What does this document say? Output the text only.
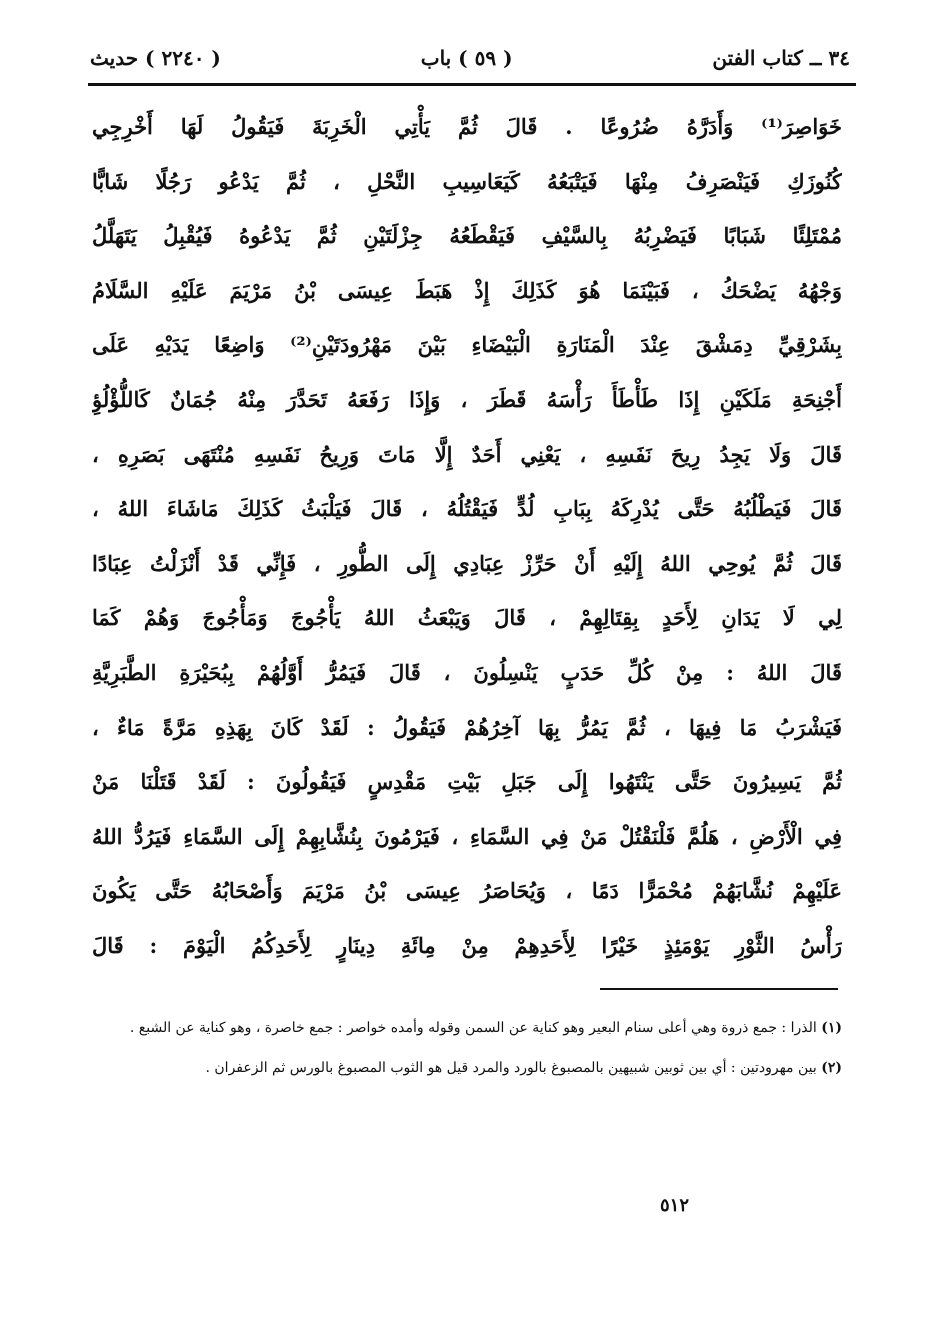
٣٤ ــ كتاب الفتن
( ٥٩ ) باب
( ٢٢٤٠ ) حديث
خَوَاصِرَ⁽¹⁾ وَأَدَرَّهُ ضُرُوعًا . قَالَ ثُمَّ يَأْتِي الْخَرِبَةَ فَيَقُولُ لَهَا أَخْرِجِي
كُنُوزَكِ فَيَنْصَرِفُ مِنْهَا فَيَتْبَعُهُ كَيَعَاسِيبِ النَّحْلِ ، ثُمَّ يَدْعُو رَجُلًا شَابًّا
مُمْتَلِئًا شَبَابًا فَيَضْرِبُهُ بِالسَّيْفِ فَيَقْطَعُهُ جِزْلَتَيْنِ ثُمَّ يَدْعُوهُ فَيُقْبِلُ يَتَهَلَّلُ
وَجْهُهُ يَضْحَكُ ، فَبَيْنَمَا هُوَ كَذَلِكَ إِذْ هَبَطَ عِيسَى بْنُ مَرْيَمَ عَلَيْهِ السَّلَامُ
بِشَرْقِيِّ دِمَشْقَ عِنْدَ الْمَنَارَةِ الْبَيْضَاءِ بَيْنَ مَهْرُودَتَيْنِ⁽²⁾ وَاضِعًا يَدَيْهِ عَلَى
أَجْنِحَةِ مَلَكَيْنِ إِذَا طَأْطَأَ رَأْسَهُ قَطَرَ ، وَإِذَا رَفَعَهُ تَحَدَّرَ مِنْهُ جُمَانٌ كَاللُّؤْلُؤِ
قَالَ وَلَا يَجِدُ رِيحَ نَفَسِهِ ، يَعْنِي أَحَدٌ إِلَّا مَاتَ وَرِيحُ نَفَسِهِ مُنْتَهَى بَصَرِهِ ،
قَالَ فَيَطْلُبُهُ حَتَّى يُدْرِكَهُ بِبَابِ لُدٍّ فَيَقْتُلُهُ ، قَالَ فَيَلْبَثُ كَذَلِكَ مَاشَاءَ اللهُ ،
قَالَ ثُمَّ يُوحِي اللهُ إِلَيْهِ أَنْ حَرِّزْ عِبَادِي إِلَى الطُّورِ ، فَإِنِّي قَدْ أَنْزَلْتُ عِبَادًا
لِي لَا يَدَانِ لِأَحَدٍ بِقِتَالِهِمْ ، قَالَ وَيَبْعَثُ اللهُ يَأْجُوجَ وَمَأْجُوجَ وَهُمْ كَمَا
قَالَ اللهُ : مِنْ كُلِّ حَدَبٍ يَنْسِلُونَ ، قَالَ فَيَمُرُّ أَوَّلُهُمْ بِبُحَيْرَةِ الطَّبَرِيَّةِ
فَيَشْرَبُ مَا فِيهَا ، ثُمَّ يَمُرُّ بِهَا آخِرُهُمْ فَيَقُولُ : لَقَدْ كَانَ بِهَذِهِ مَرَّةً مَاءٌ ،
ثُمَّ يَسِيرُونَ حَتَّى يَنْتَهُوا إِلَى جَبَلِ بَيْتِ مَقْدِسٍ فَيَقُولُونَ : لَقَدْ قَتَلْنَا مَنْ
فِي الْأَرْضِ ، هَلُمَّ فَلْنَقْتُلْ مَنْ فِي السَّمَاءِ ، فَيَرْمُونَ بِنُشَّابِهِمْ إِلَى السَّمَاءِ فَيَرُدُّ اللهُ
عَلَيْهِمْ نُشَّابَهُمْ مُحْمَرًّا دَمًا ، وَيُحَاصَرُ عِيسَى بْنُ مَرْيَمَ وَأَصْحَابُهُ حَتَّى يَكُونَ
رَأْسُ الثَّوْرِ يَوْمَئِذٍ خَيْرًا لِأَحَدِهِمْ مِنْ مِائَةِ دِينَارٍ لِأَحَدِكُمُ الْيَوْمَ : قَالَ

(١) الذرا : جمع ذروة وهي أعلى سنام البعير وهو كناية عن السمن وقوله وأمده خواصر : جمع خاصرة ، وهو كناية عن الشبع .

(٢) بين مهرودتين : أي بين ثوبين شبيهين بالمصبوغ بالورد والمرد قيل هو الثوب المصبوغ بالورس ثم الزعفران .

٥١٢
